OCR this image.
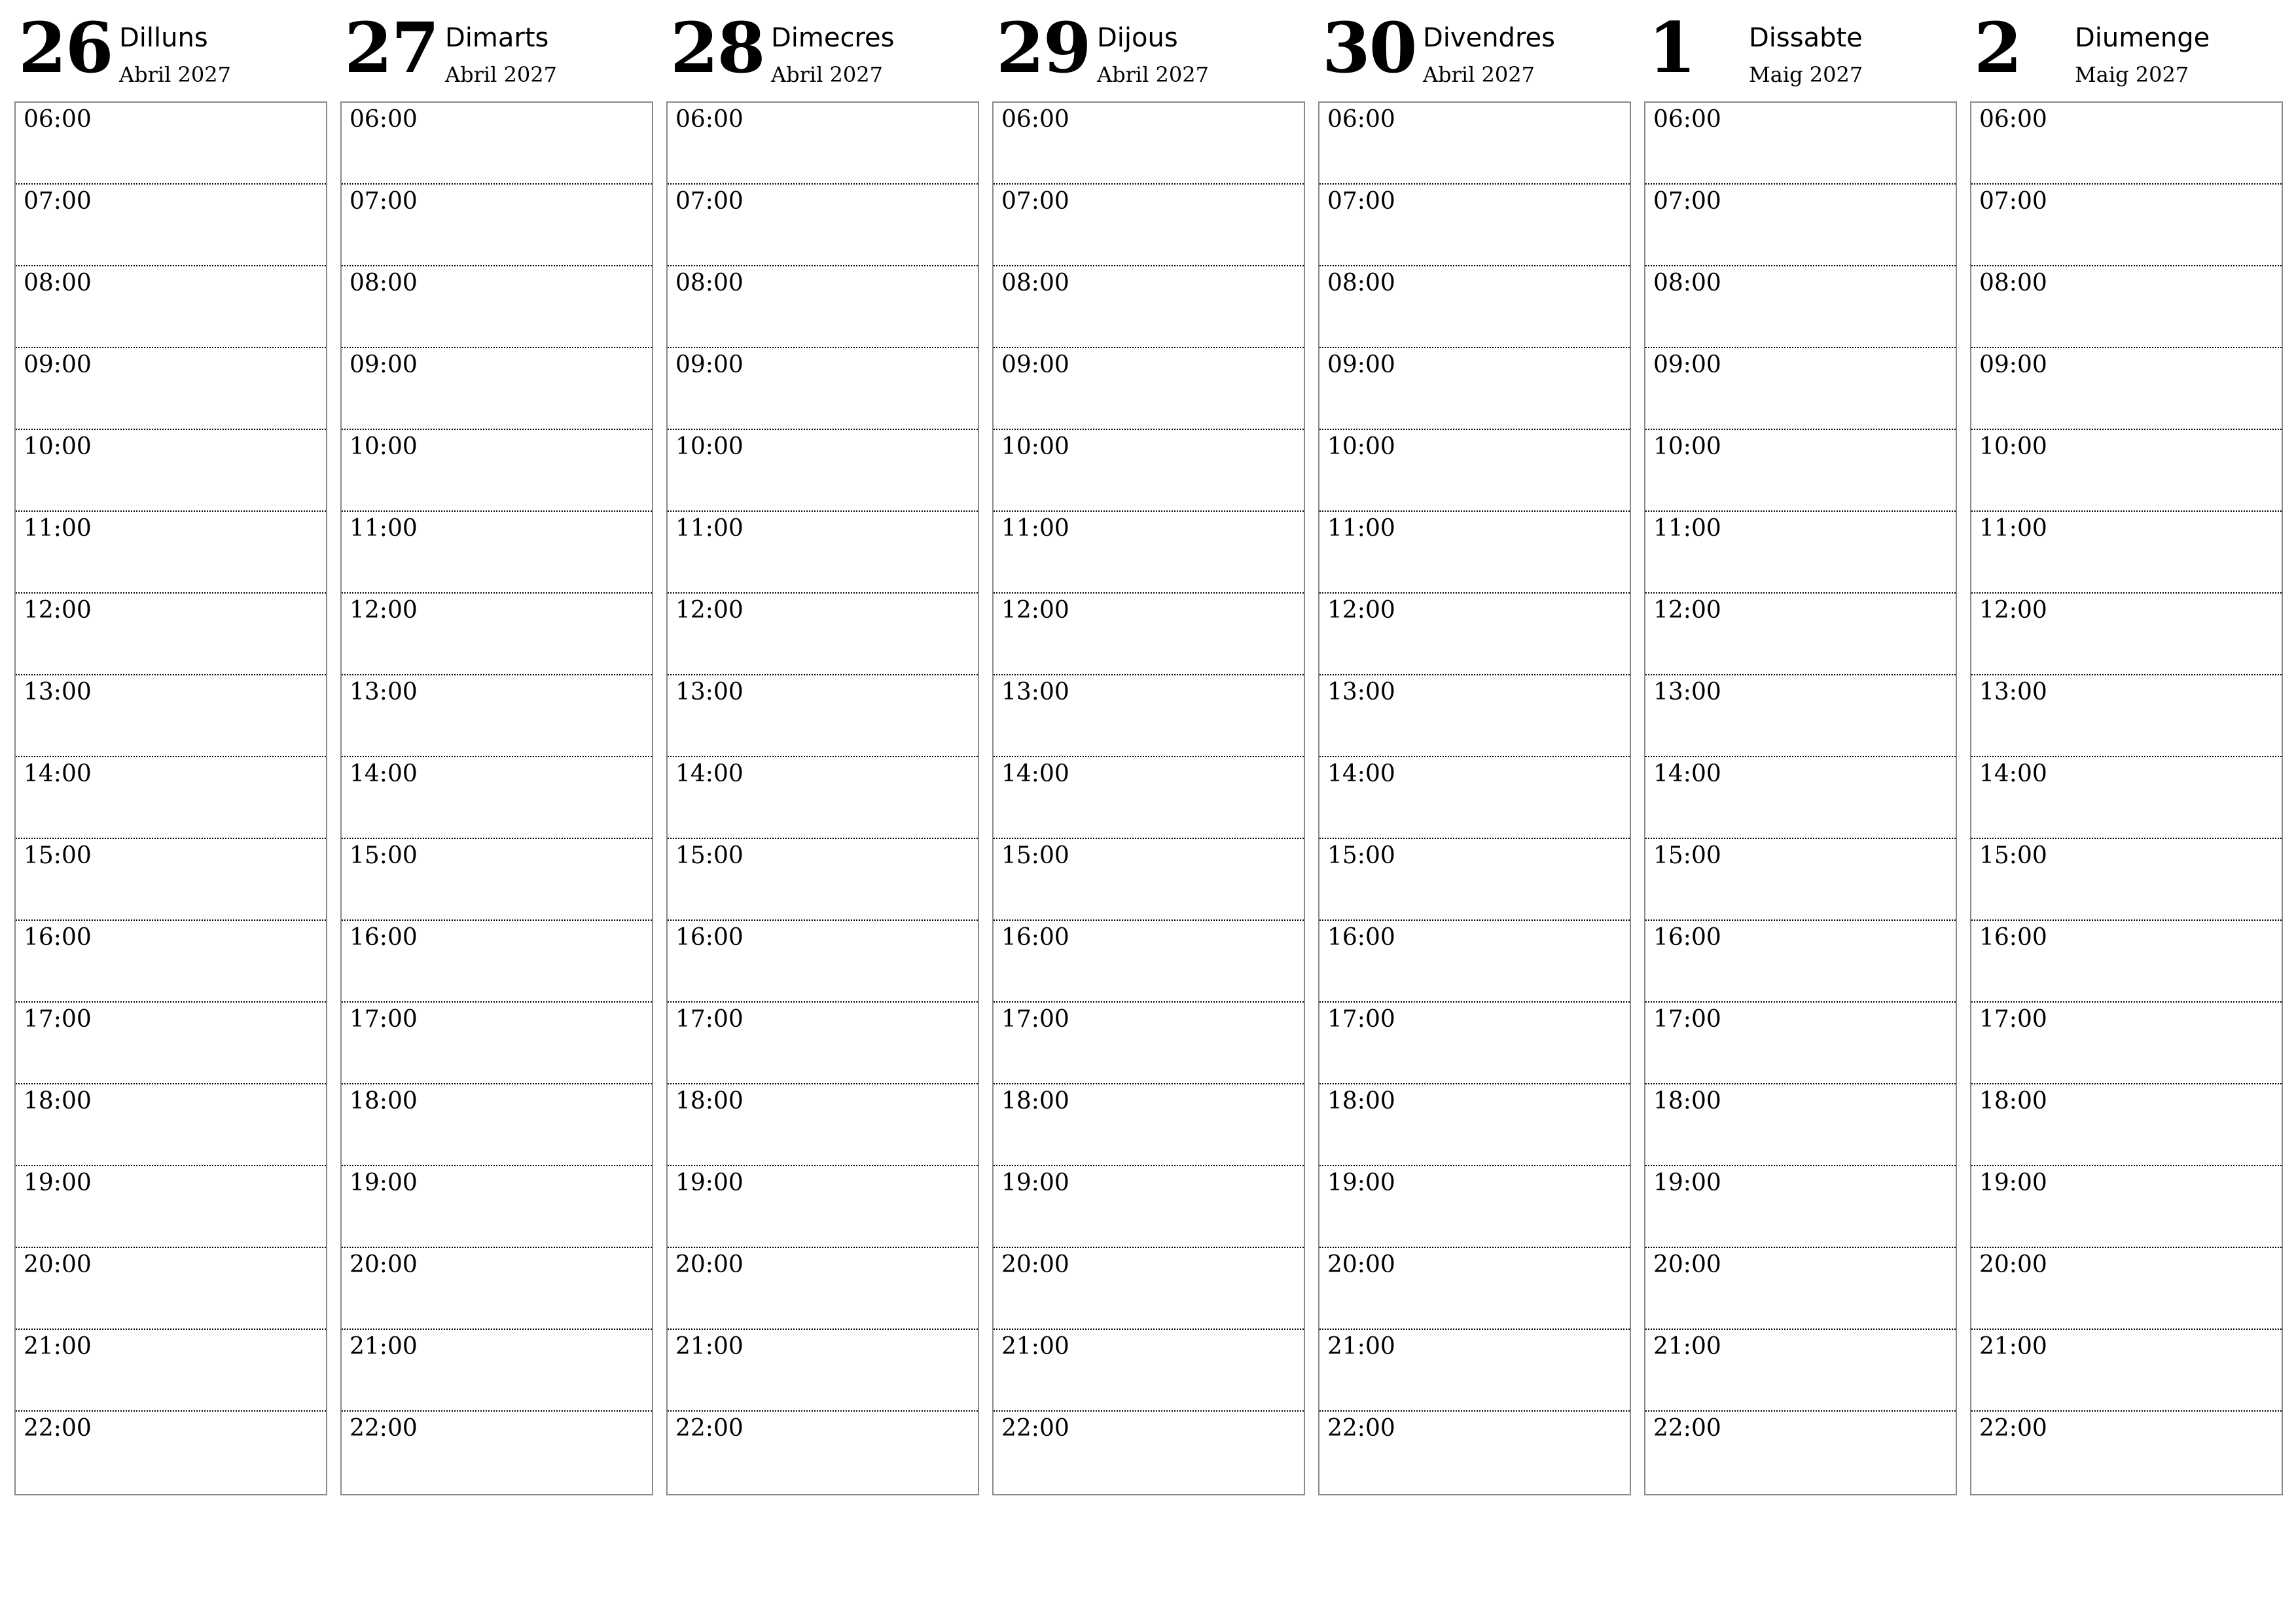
26 Dilluns
Abril 2027
06:00
07:00
08:00
09:00
10:00
11:00
12:00
13:00
14:00
15:00
16:00
17:00
18:00
19:00
20:00
21:00
22:00
27 Dimarts
Abril 2027
06:00
07:00
08:00
09:00
10:00
11:00
12:00
13:00
14:00
15:00
16:00
17:00
18:00
19:00
20:00
21:00
22:00
28 Dimecres
Abril 2027
06:00
07:00
08:00
09:00
10:00
11:00
12:00
13:00
14:00
15:00
16:00
17:00
18:00
19:00
20:00
21:00
22:00
29 Dijous
Abril 2027
06:00
07:00
08:00
09:00
10:00
11:00
12:00
13:00
14:00
15:00
16:00
17:00
18:00
19:00
20:00
21:00
22:00
30 Divendres
Abril 2027
06:00
07:00
08:00
09:00
10:00
11:00
12:00
13:00
14:00
15:00
16:00
17:00
18:00
19:00
20:00
21:00
22:00
1 Dissabte
Maig 2027
06:00
07:00
08:00
09:00
10:00
11:00
12:00
13:00
14:00
15:00
16:00
17:00
18:00
19:00
20:00
21:00
22:00
2 Diumenge
Maig 2027
06:00
07:00
08:00
09:00
10:00
11:00
12:00
13:00
14:00
15:00
16:00
17:00
18:00
19:00
20:00
21:00
22:00
